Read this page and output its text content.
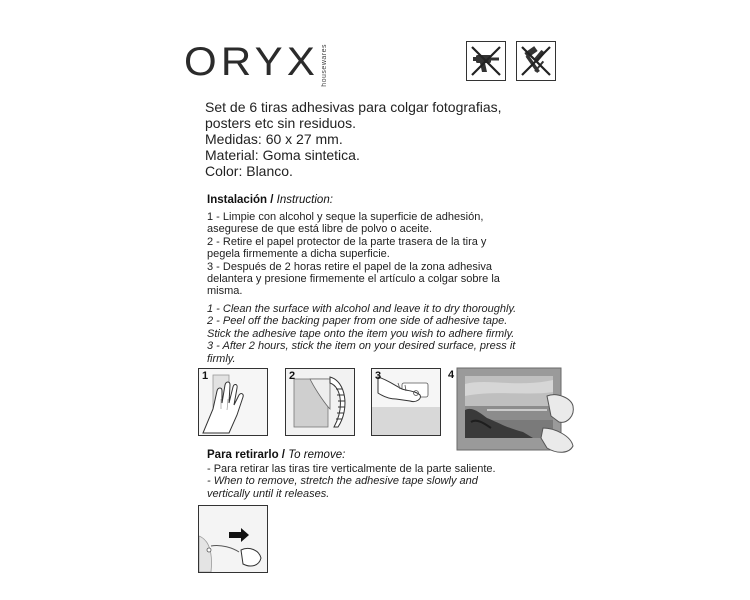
ORYX housewares
Set de 6 tiras adhesivas para colgar fotografias,
posters etc sin residuos.
Medidas: 60 x 27 mm.
Material: Goma sintetica.
Color: Blanco.
Instalación / Instruction:
1 - Limpie con alcohol y seque la superficie de adhesión,
asegurese de que está libre de polvo o aceite.
2 - Retire el papel protector de la parte trasera de la tira y
pegela firmemente a dicha superficie.
3 - Después de 2 horas retire el papel de la zona adhesiva
delantera y presione firmemente el artículo a colgar sobre la
misma.
1 - Clean the surface with alcohol and leave it to dry thoroughly.
2 - Peel off the backing paper from one side of adhesive tape.
Stick the adhesive tape onto the item you wish to adhere firmly.
3 - After 2 hours, stick the item on your desired surface, press it
firmly.
1	2	3	4
Para retirarlo / To remove:
- Para retirar las tiras tire verticalmente de la parte saliente.
- When to remove, stretch the adhesive tape slowly and
vertically until it releases.
